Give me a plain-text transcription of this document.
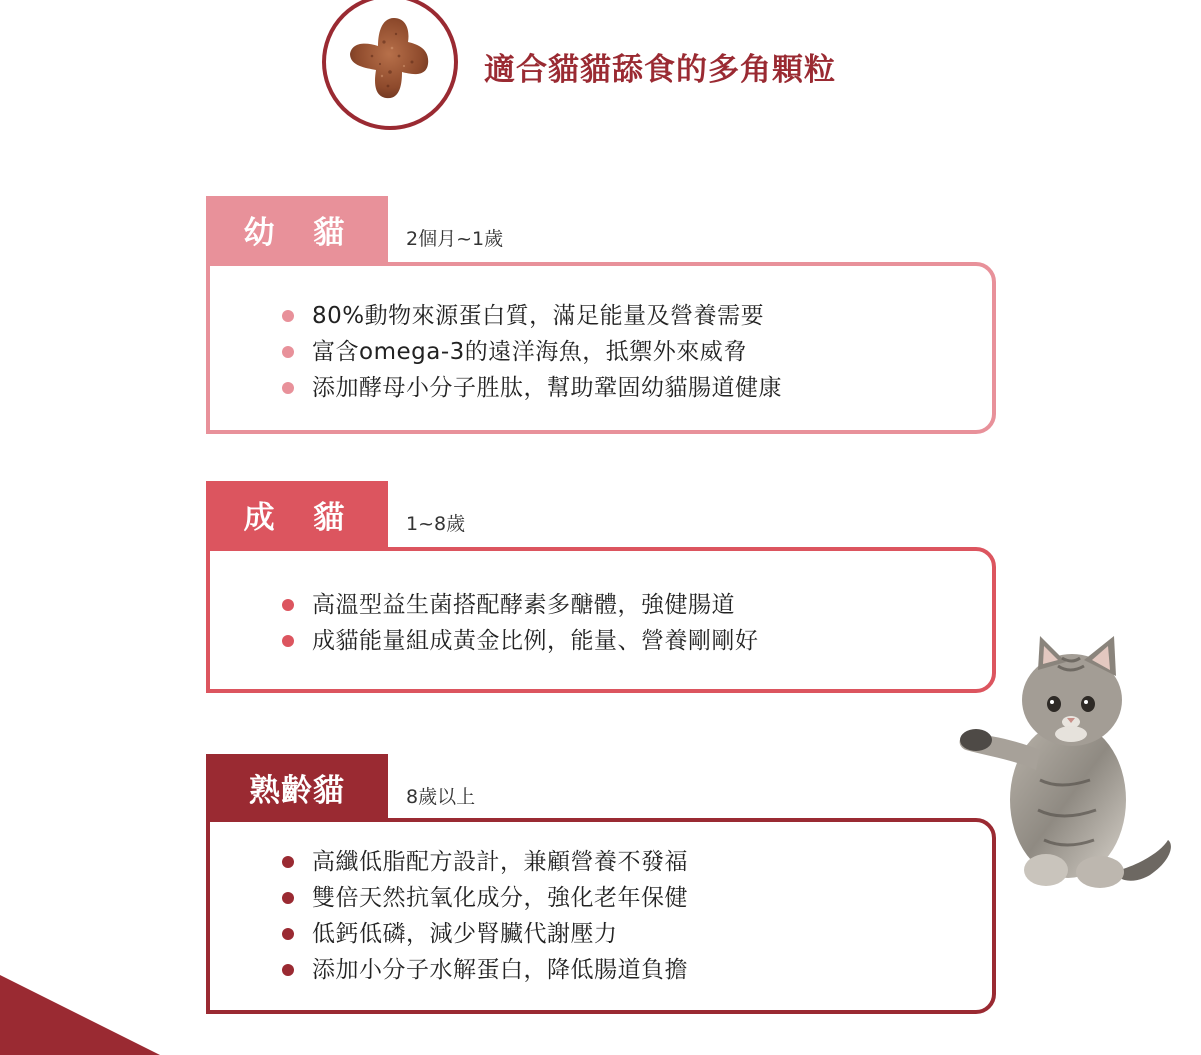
適合貓貓舔食的多角顆粒
幼 貓	2個月~1歲
80%動物來源蛋白質，滿足能量及營養需要
富含omega-3的遠洋海魚，抵禦外來威脅
添加酵母小分子胜肽，幫助鞏固幼貓腸道健康
成 貓	1~8歲
高溫型益生菌搭配酵素多醣體，強健腸道
成貓能量組成黃金比例，能量、營養剛剛好
熟齡貓	8歲以上
高纖低脂配方設計，兼顧營養不發福
雙倍天然抗氧化成分，強化老年保健
低鈣低磷，減少腎臟代謝壓力
添加小分子水解蛋白，降低腸道負擔
